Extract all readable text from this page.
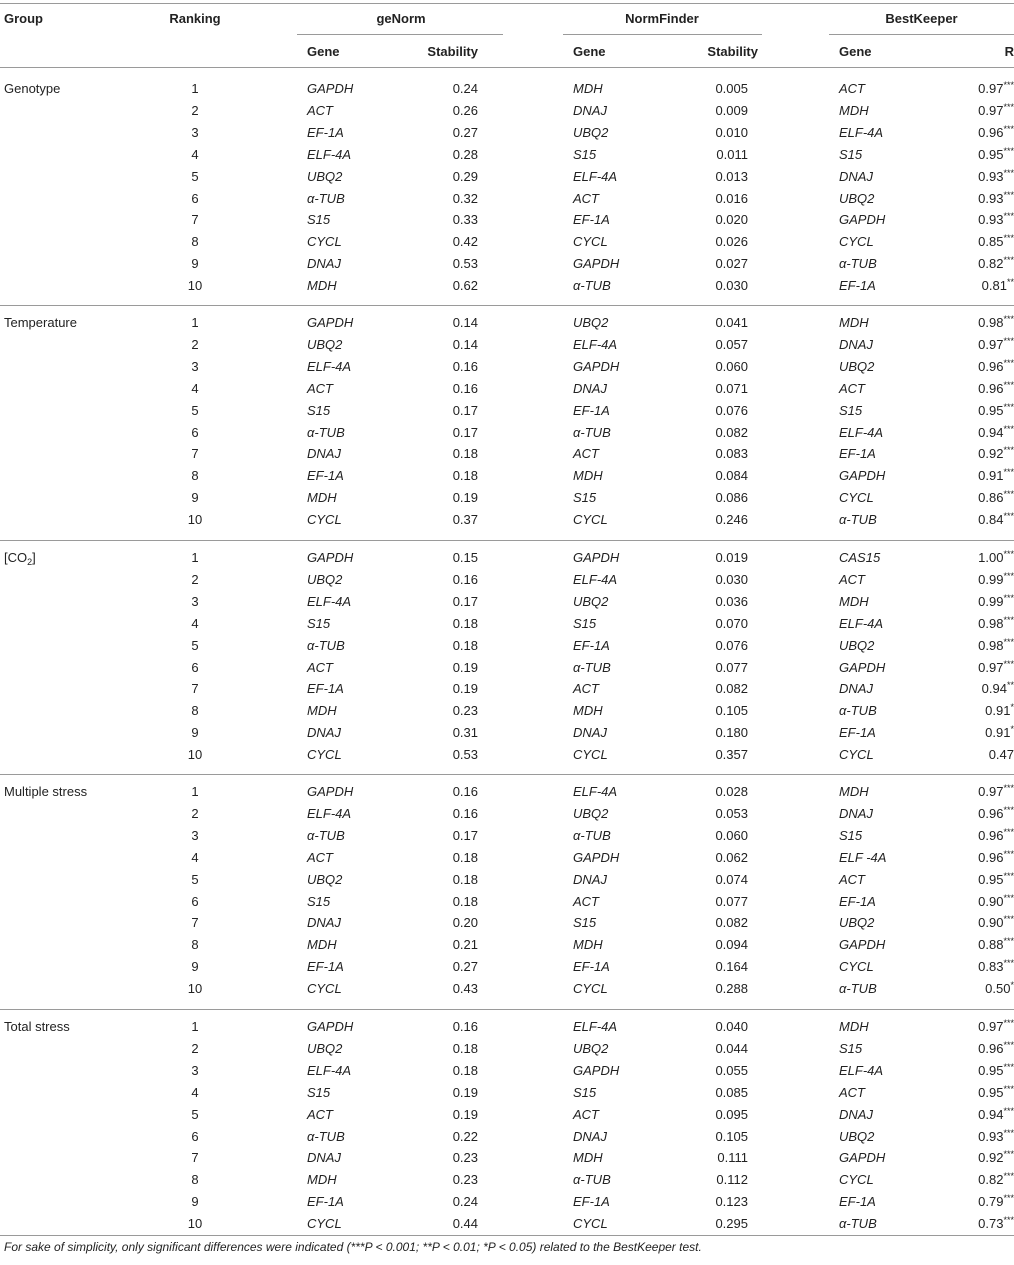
Group	Ranking	geNorm	NormFinder	BestKeeper
Gene	Stability	Gene	Stability	Gene	R
Genotype	1	GAPDH	0.24	MDH	0.005	ACT	0.97***
2	ACT	0.26	DNAJ	0.009	MDH	0.97***
3	EF-1A	0.27	UBQ2	0.010	ELF-4A	0.96***
4	ELF-4A	0.28	S15	0.011	S15	0.95***
5	UBQ2	0.29	ELF-4A	0.013	DNAJ	0.93***
6	α-TUB	0.32	ACT	0.016	UBQ2	0.93***
7	S15	0.33	EF-1A	0.020	GAPDH	0.93***
8	CYCL	0.42	CYCL	0.026	CYCL	0.85***
9	DNAJ	0.53	GAPDH	0.027	α-TUB	0.82***
10	MDH	0.62	α-TUB	0.030	EF-1A	0.81**
Temperature	1	GAPDH	0.14	UBQ2	0.041	MDH	0.98***
2	UBQ2	0.14	ELF-4A	0.057	DNAJ	0.97***
3	ELF-4A	0.16	GAPDH	0.060	UBQ2	0.96***
4	ACT	0.16	DNAJ	0.071	ACT	0.96***
5	S15	0.17	EF-1A	0.076	S15	0.95***
6	α-TUB	0.17	α-TUB	0.082	ELF-4A	0.94***
7	DNAJ	0.18	ACT	0.083	EF-1A	0.92***
8	EF-1A	0.18	MDH	0.084	GAPDH	0.91***
9	MDH	0.19	S15	0.086	CYCL	0.86***
10	CYCL	0.37	CYCL	0.246	α-TUB	0.84***
$[CO_2]$	1	GAPDH	0.15	GAPDH	0.019	CAS15	1.00***
2	UBQ2	0.16	ELF-4A	0.030	ACT	0.99***
3	ELF-4A	0.17	UBQ2	0.036	MDH	0.99***
4	S15	0.18	S15	0.070	ELF-4A	0.98***
5	α-TUB	0.18	EF-1A	0.076	UBQ2	0.98***
6	ACT	0.19	α-TUB	0.077	GAPDH	0.97***
7	EF-1A	0.19	ACT	0.082	DNAJ	0.94**
8	MDH	0.23	MDH	0.105	α-TUB	0.91*
9	DNAJ	0.31	DNAJ	0.180	EF-1A	0.91*
10	CYCL	0.53	CYCL	0.357	CYCL	0.47
Multiple stress	1	GAPDH	0.16	ELF-4A	0.028	MDH	0.97***
2	ELF-4A	0.16	UBQ2	0.053	DNAJ	0.96***
3	α-TUB	0.17	α-TUB	0.060	S15	0.96***
4	ACT	0.18	GAPDH	0.062	ELF -4A	0.96***
5	UBQ2	0.18	DNAJ	0.074	ACT	0.95***
6	S15	0.18	ACT	0.077	EF-1A	0.90***
7	DNAJ	0.20	S15	0.082	UBQ2	0.90***
8	MDH	0.21	MDH	0.094	GAPDH	0.88***
9	EF-1A	0.27	EF-1A	0.164	CYCL	0.83***
10	CYCL	0.43	CYCL	0.288	α-TUB	0.50*
Total stress	1	GAPDH	0.16	ELF-4A	0.040	MDH	0.97***
2	UBQ2	0.18	UBQ2	0.044	S15	0.96***
3	ELF-4A	0.18	GAPDH	0.055	ELF-4A	0.95***
4	S15	0.19	S15	0.085	ACT	0.95***
5	ACT	0.19	ACT	0.095	DNAJ	0.94***
6	α-TUB	0.22	DNAJ	0.105	UBQ2	0.93***
7	DNAJ	0.23	MDH	0.111	GAPDH	0.92***
8	MDH	0.23	α-TUB	0.112	CYCL	0.82***
9	EF-1A	0.24	EF-1A	0.123	EF-1A	0.79***
10	CYCL	0.44	CYCL	0.295	α-TUB	0.73***
For sake of simplicity, only significant differences were indicated (***P < 0.001; **P < 0.01; *P < 0.05) related to the BestKeeper test.
